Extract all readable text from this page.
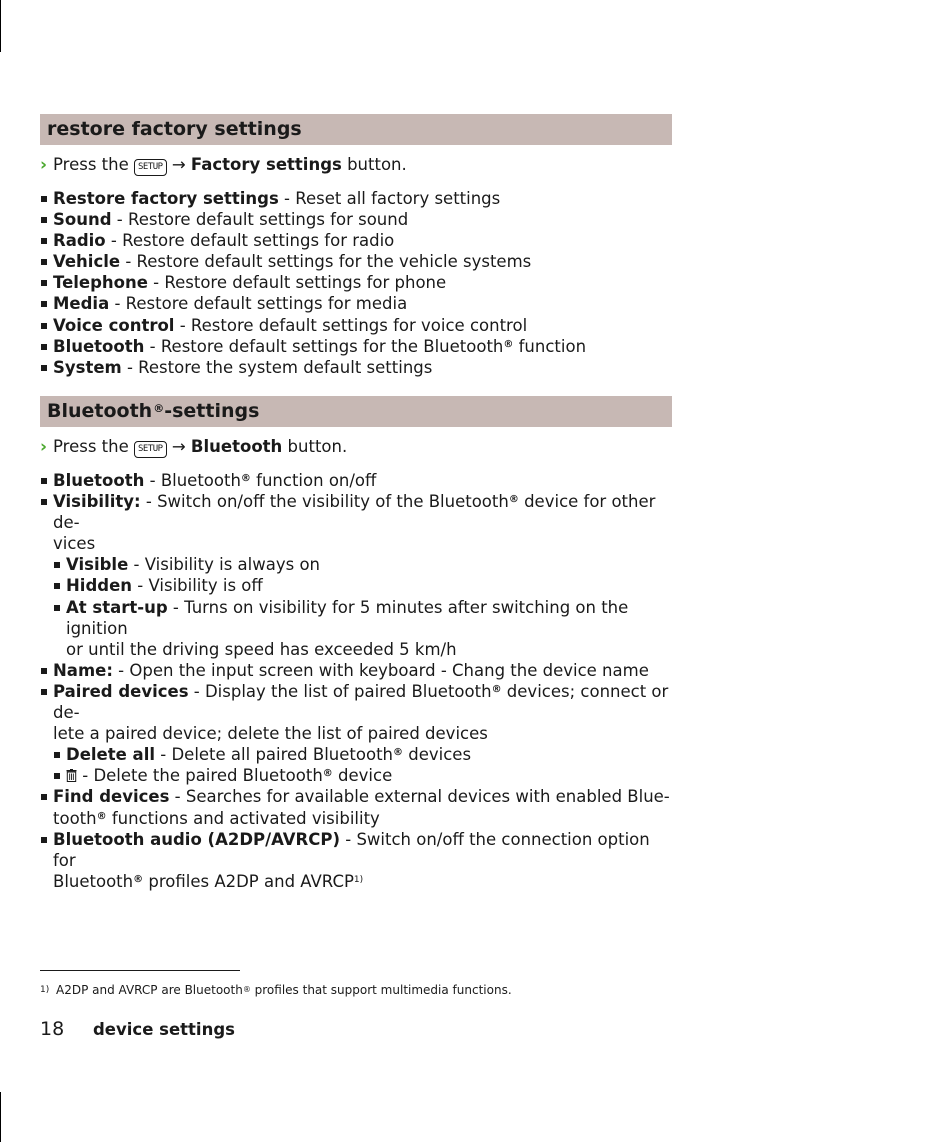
restore factory settings
› Press the SETUP → Factory settings button.
Restore factory settings - Reset all factory settings
Sound - Restore default settings for sound
Radio - Restore default settings for radio
Vehicle - Restore default settings for the vehicle systems
Telephone - Restore default settings for phone
Media - Restore default settings for media
Voice control - Restore default settings for voice control
Bluetooth - Restore default settings for the Bluetooth® function
System - Restore the system default settings
Bluetooth®-settings
› Press the SETUP → Bluetooth button.
Bluetooth - Bluetooth® function on/off
Visibility: - Switch on/off the visibility of the Bluetooth® device for other de-
vices
Visible - Visibility is always on
Hidden - Visibility is off
At start-up - Turns on visibility for 5 minutes after switching on the ignition
or until the driving speed has exceeded 5 km/h
Name: - Open the input screen with keyboard - Chang the device name
Paired devices - Display the list of paired Bluetooth® devices; connect or de-
lete a paired device; delete the list of paired devices
Delete all - Delete all paired Bluetooth® devices
- Delete the paired Bluetooth® device
Find devices - Searches for available external devices with enabled Blue-
tooth® functions and activated visibility
Bluetooth audio (A2DP/AVRCP) - Switch on/off the connection option for
Bluetooth® profiles A2DP and AVRCP$^{1)}$
1) A2DP and AVRCP are Bluetooth® profiles that support multimedia functions.
18 device settings
